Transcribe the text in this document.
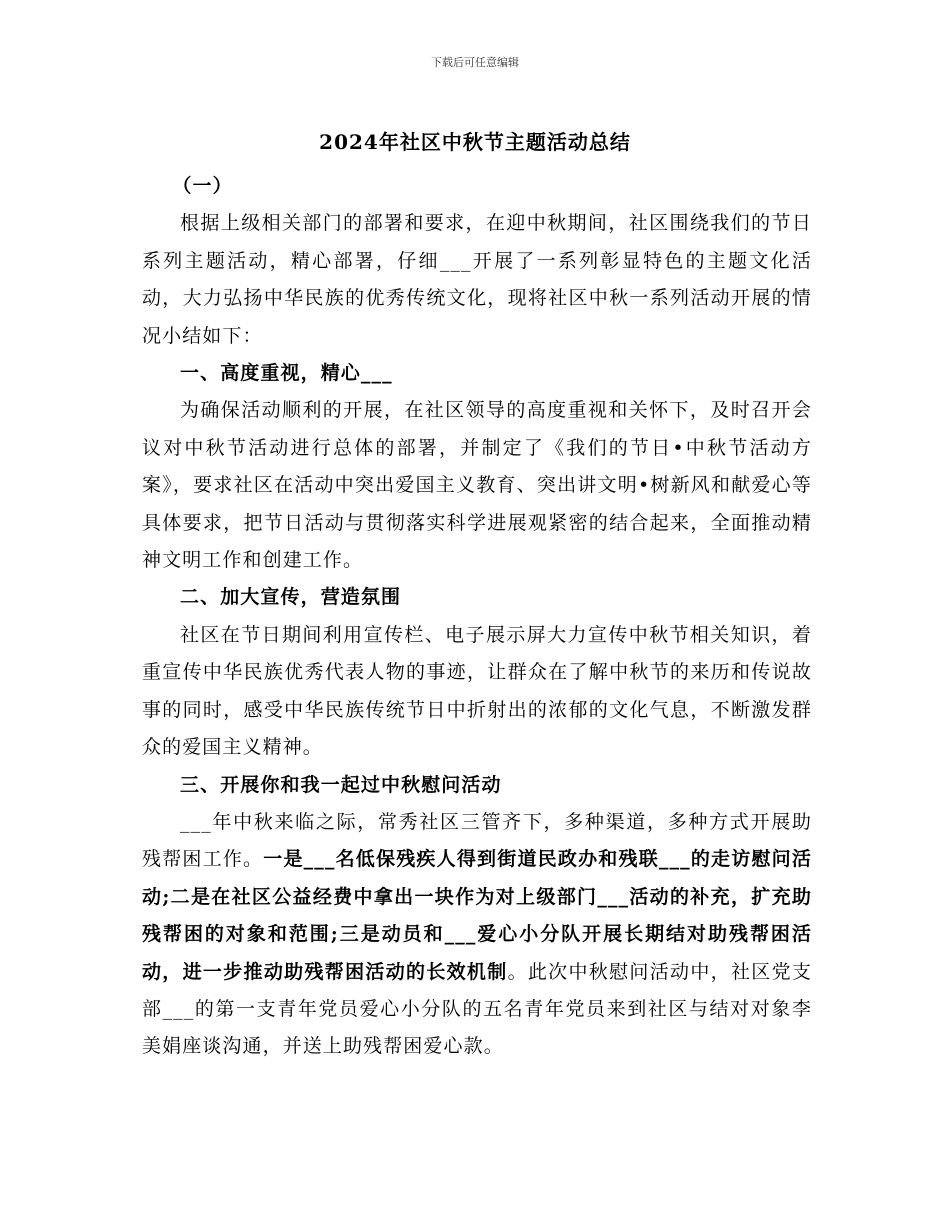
下载后可任意编辑
2024年社区中秋节主题活动总结

（一）

根据上级相关部门的部署和要求，在迎中秋期间，社区围绕我们的节日系列主题活动，精心部署，仔细___开展了一系列彰显特色的主题文化活动，大力弘扬中华民族的优秀传统文化，现将社区中秋一系列活动开展的情况小结如下：

一、高度重视，精心___

为确保活动顺利的开展，在社区领导的高度重视和关怀下，及时召开会议对中秋节活动进行总体的部署，并制定了《我们的节日•中秋节活动方案》，要求社区在活动中突出爱国主义教育、突出讲文明•树新风和献爱心等具体要求，把节日活动与贯彻落实科学进展观紧密的结合起来，全面推动精神文明工作和创建工作。

二、加大宣传，营造氛围

社区在节日期间利用宣传栏、电子展示屏大力宣传中秋节相关知识，着重宣传中华民族优秀代表人物的事迹，让群众在了解中秋节的来历和传说故事的同时，感受中华民族传统节日中折射出的浓郁的文化气息，不断激发群众的爱国主义精神。

三、开展你和我一起过中秋慰问活动

___年中秋来临之际，常秀社区三管齐下，多种渠道，多种方式开展助残帮困工作。一是___名低保残疾人得到街道民政办和残联___的走访慰问活动;二是在社区公益经费中拿出一块作为对上级部门___活动的补充，扩充助残帮困的对象和范围;三是动员和___爱心小分队开展长期结对助残帮困活动，进一步推动助残帮困活动的长效机制。此次中秋慰问活动中，社区党支部___的第一支青年党员爱心小分队的五名青年党员来到社区与结对对象李美娟座谈沟通，并送上助残帮困爱心款。
